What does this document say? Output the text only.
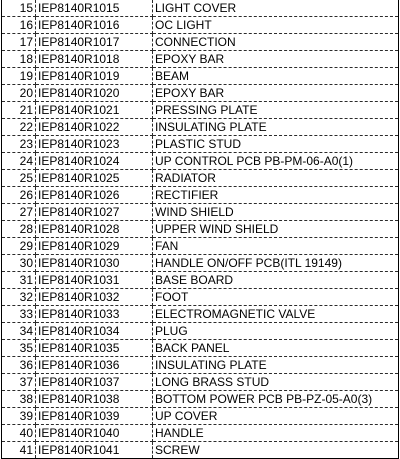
15	IEP8140R1015	LIGHT COVER
16	IEP8140R1016	OC LIGHT
17	IEP8140R1017	CONNECTION
18	IEP8140R1018	EPOXY BAR
19	IEP8140R1019	BEAM
20	IEP8140R1020	EPOXY BAR
21	IEP8140R1021	PRESSING PLATE
22	IEP8140R1022	INSULATING PLATE
23	IEP8140R1023	PLASTIC STUD
24	IEP8140R1024	UP CONTROL PCB PB-PM-06-A0(1)
25	IEP8140R1025	RADIATOR
26	IEP8140R1026	RECTIFIER
27	IEP8140R1027	WIND SHIELD
28	IEP8140R1028	UPPER WIND SHIELD
29	IEP8140R1029	FAN
30	IEP8140R1030	HANDLE ON/OFF PCB(ITL 19149)
31	IEP8140R1031	BASE BOARD
32	IEP8140R1032	FOOT
33	IEP8140R1033	ELECTROMAGNETIC VALVE
34	IEP8140R1034	PLUG
35	IEP8140R1035	BACK PANEL
36	IEP8140R1036	INSULATING PLATE
37	IEP8140R1037	LONG BRASS STUD
38	IEP8140R1038	BOTTOM POWER PCB PB-PZ-05-A0(3)
39	IEP8140R1039	UP COVER
40	IEP8140R1040	HANDLE
41	IEP8140R1041	SCREW
